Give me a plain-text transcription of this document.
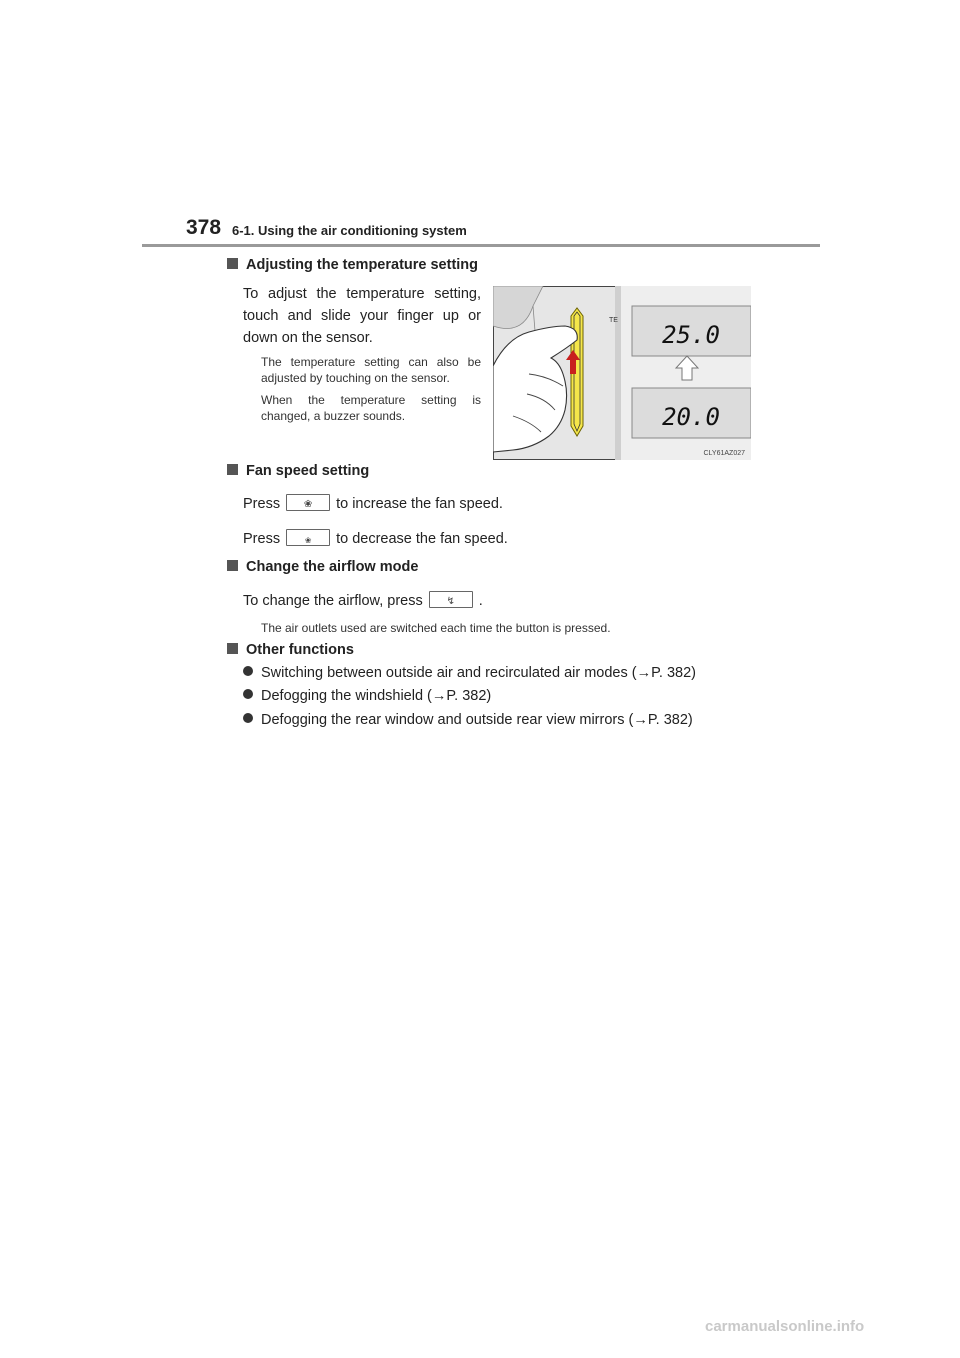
378 6-1. Using the air conditioning system
Adjusting the temperature setting
To adjust the temperature setting, touch and slide your finger up or down on the sensor.
The temperature setting can also be adjusted by touching on the sensor.
When the temperature setting is changed, a buzzer sounds.
TE
25.0
20.0
CLY61AZ027
Fan speed setting
Press	❀	to increase the fan speed.
Press	❀	to decrease the fan speed.
Change the airflow mode
To change the airflow, press	↯	.
The air outlets used are switched each time the button is pressed.
Other functions
Switching between outside air and recirculated air modes (→P. 382)
Defogging the windshield (→P. 382)
Defogging the rear window and outside rear view mirrors (→P. 382)
carmanualsonline.info
